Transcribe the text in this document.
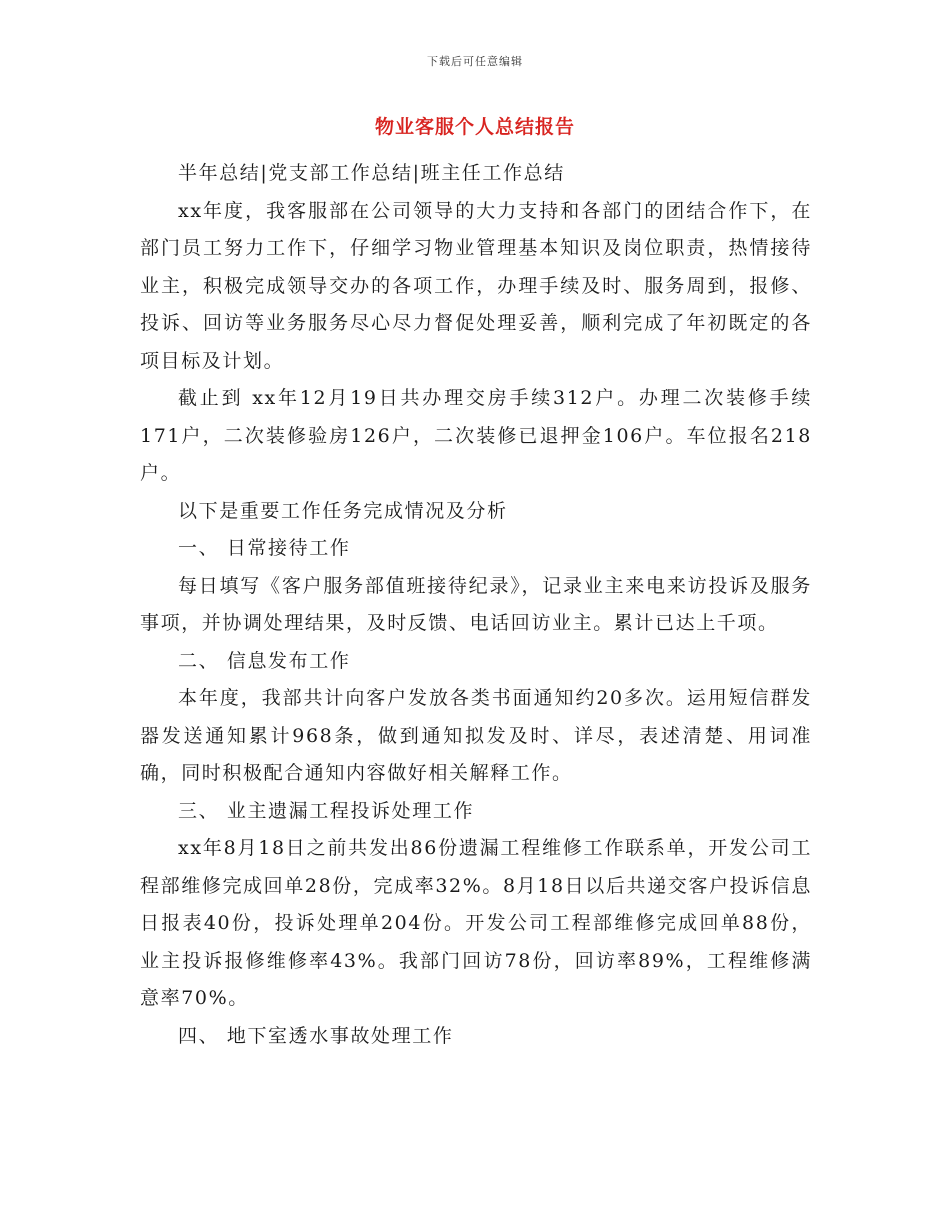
下载后可任意编辑
物业客服个人总结报告

半年总结|党支部工作总结|班主任工作总结

xx年度，我客服部在公司领导的大力支持和各部门的团结合作下，在部门员工努力工作下，仔细学习物业管理基本知识及岗位职责，热情接待业主，积极完成领导交办的各项工作，办理手续及时、服务周到，报修、投诉、回访等业务服务尽心尽力督促处理妥善，顺利完成了年初既定的各项目标及计划。

截止到 xx年12月19日共办理交房手续312户。办理二次装修手续171户，二次装修验房126户，二次装修已退押金106户。车位报名218户。

以下是重要工作任务完成情况及分析

一、 日常接待工作

每日填写《客户服务部值班接待纪录》，记录业主来电来访投诉及服务事项，并协调处理结果，及时反馈、电话回访业主。累计已达上千项。

二、 信息发布工作

本年度，我部共计向客户发放各类书面通知约20多次。运用短信群发器发送通知累计968条，做到通知拟发及时、详尽，表述清楚、用词准确，同时积极配合通知内容做好相关解释工作。

三、 业主遗漏工程投诉处理工作

xx年8月18日之前共发出86份遗漏工程维修工作联系单，开发公司工程部维修完成回单28份，完成率32%。8月18日以后共递交客户投诉信息日报表40份，投诉处理单204份。开发公司工程部维修完成回单88份，业主投诉报修维修率43%。我部门回访78份，回访率89%，工程维修满意率70%。

四、 地下室透水事故处理工作
